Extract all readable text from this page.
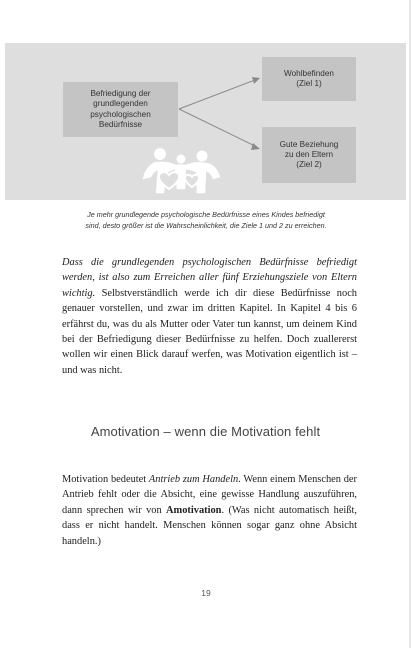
Befriedigung der
grundlegenden
psychologischen
Bedürfnisse
Wohlbefinden
(Ziel 1)
Gute Beziehung
zu den Eltern
(Ziel 2)
Je mehr grundlegende psychologische Bedürfnisse eines Kindes befriedigt
sind, desto größer ist die Wahrscheinlichkeit, die Ziele 1 und 2 zu erreichen.

Dass die grundlegenden psychologischen Bedürfnisse befriedigt werden, ist also zum Erreichen aller fünf Erziehungsziele von Eltern wichtig. Selbstverständlich werde ich dir diese Bedürfnisse noch genauer vorstellen, und zwar im dritten Kapitel. In Kapitel 4 bis 6 erfährst du, was du als Mutter oder Vater tun kannst, um deinem Kind bei der Befriedigung dieser Bedürfnisse zu helfen. Doch zuallererst wollen wir einen Blick darauf werfen, was Motivation eigentlich ist – und was nicht.

Amotivation – wenn die Motivation fehlt

Motivation bedeutet Antrieb zum Handeln. Wenn einem Menschen der Antrieb fehlt oder die Absicht, eine gewisse Handlung auszuführen, dann sprechen wir von Amotivation. (Was nicht automatisch heißt, dass er nicht handelt. Menschen können sogar ganz ohne Absicht handeln.)

19
